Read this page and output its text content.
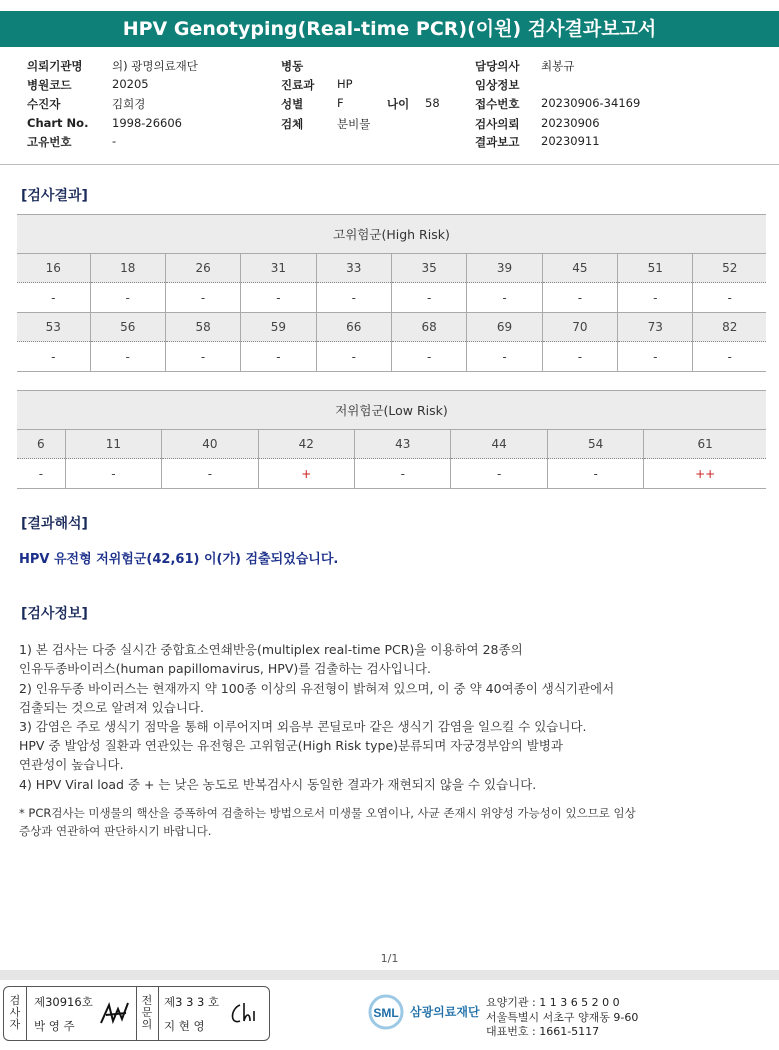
HPV Genotyping(Real-time PCR)(이원) 검사결과보고서
의뢰기관명	의) 광명의료재단
병원코드	20205
수진자	김희경
Chart No. 1998-26606
고유번호	-
병동
진료과 HP
성별	F	나이 58
검체	분비물
담당의사 최봉규
임상정보
접수번호 20230906-34169
검사의뢰 20230906
결과보고 20230911
[검사결과]
고위험군(High Risk)									
16	18	26	31	33	35	39	45	51	52
-	-	-	-	-	-	-	-	-	-
53	56	58	59	66	68	69	70	73	82
-	-	-	-	-	-	-	-	-	-
저위험군(Low Risk)							
6	11	40	42	43	44	54	61
-	-	-	+	-	-	-	++
[결과해석]
HPV 유전형 저위험군(42,61) 이(가) 검출되었습니다.
[검사정보]
1) 본 검사는 다중 실시간 중합효소연쇄반응(multiplex real-time PCR)을 이용하여 28종의
인유두종바이러스(human papillomavirus, HPV)를 검출하는 검사입니다.
2) 인유두종 바이러스는 현재까지 약 100종 이상의 유전형이 밝혀져 있으며, 이 중 약 40여종이 생식기관에서
검출되는 것으로 알려져 있습니다.
3) 감염은 주로 생식기 점막을 통해 이루어지며 외음부 콘딜로마 같은 생식기 감염을 일으킬 수 있습니다.
HPV 중 발암성 질환과 연관있는 유전형은 고위험군(High Risk type)분류되며 자궁경부암의 발병과
연관성이 높습니다.
4) HPV Viral load 중 + 는 낮은 농도로 반복검사시 동일한 결과가 재현되지 않을 수 있습니다.
* PCR검사는 미생물의 핵산을 증폭하여 검출하는 방법으로서 미생물 오염이나, 사균 존재시 위양성 가능성이 있으므로 임상
증상과 연관하여 판단하시기 바랍니다.
1/1
검사자
제30916호
박 영 주
전문의
제3 3 3 호
지 현 영
SML 삼광의료재단
요양기관 : 1 1 3 6 5 2 0 0
서울특별시 서초구 양재동 9-60
대표번호 : 1661-5117
